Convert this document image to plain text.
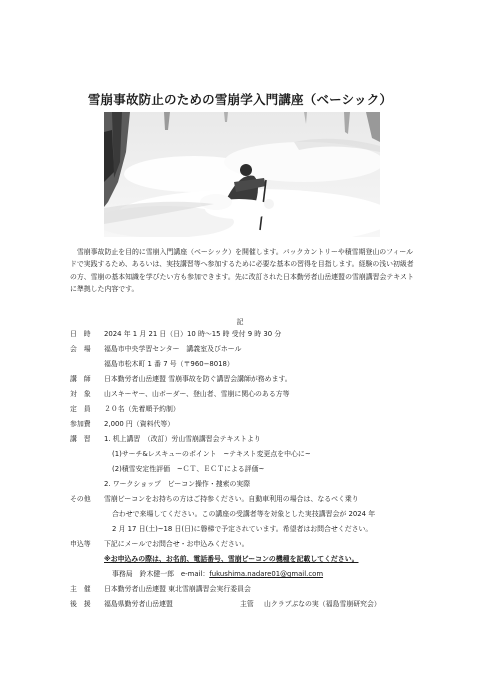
雪崩事故防止のための雪崩学入門講座（ベーシック）
雪崩事故防止を目的に雪崩入門講座（ベーシック）を開催します。バックカントリーや積雪期登山のフィールドで実践するため、あるいは、実技講習等へ参加するために必要な基本の習得を目指します。経験の浅い初級者の方、雪崩の基本知識を学びたい方も参加できます。先に改訂された日本勤労者山岳連盟の雪崩講習会テキストに準拠した内容です。
記
日　時 2024 年 1 月 21 日（日）10 時〜15 時 受付 9 時 30 分
会　場 福島市中央学習センター　講義室及びホール
福島市松木町 1 番 7 号（〒960−8018）
講　師 日本勤労者山岳連盟 雪崩事故を防ぐ講習会講師が務めます。
対　象 山スキーヤー、山ボーダー、登山者、雪崩に関心のある方等
定　員 ２０名（先着順予約制）
参加費 2,000 円（資料代等）
講　習 1. 机上講習　（改訂）労山雪崩講習会テキストより
(1)サーチ&レスキューのポイント　~テキスト変更点を中心に~
(2)積雪安定性評価　~ＣＴ、ＥＣＴによる評価~
2. ワークショップ　ビーコン操作・捜索の実際
その他 雪崩ビーコンをお持ちの方はご持参ください。自動車利用の場合は、なるべく乗り
合わせで来場してください。この講座の受講者等を対象とした実技講習会が 2024 年
2 月 17 日(土)~18 日(日)に磐梯で予定されています。希望者はお問合せください。
申込等 下記にメールでお問合せ・お申込みください。
※お申込みの際は、お名前、電話番号、雪崩ビーコンの機種を記載してください。
事務局　鈴木健一郎　e-mail：fukushima.nadare01@gmail.com
主　催 日本勤労者山岳連盟 東北雪崩講習会実行委員会
後　援 福島県勤労者山岳連盟	主管 山クラブぶなの実（福島雪崩研究会）
